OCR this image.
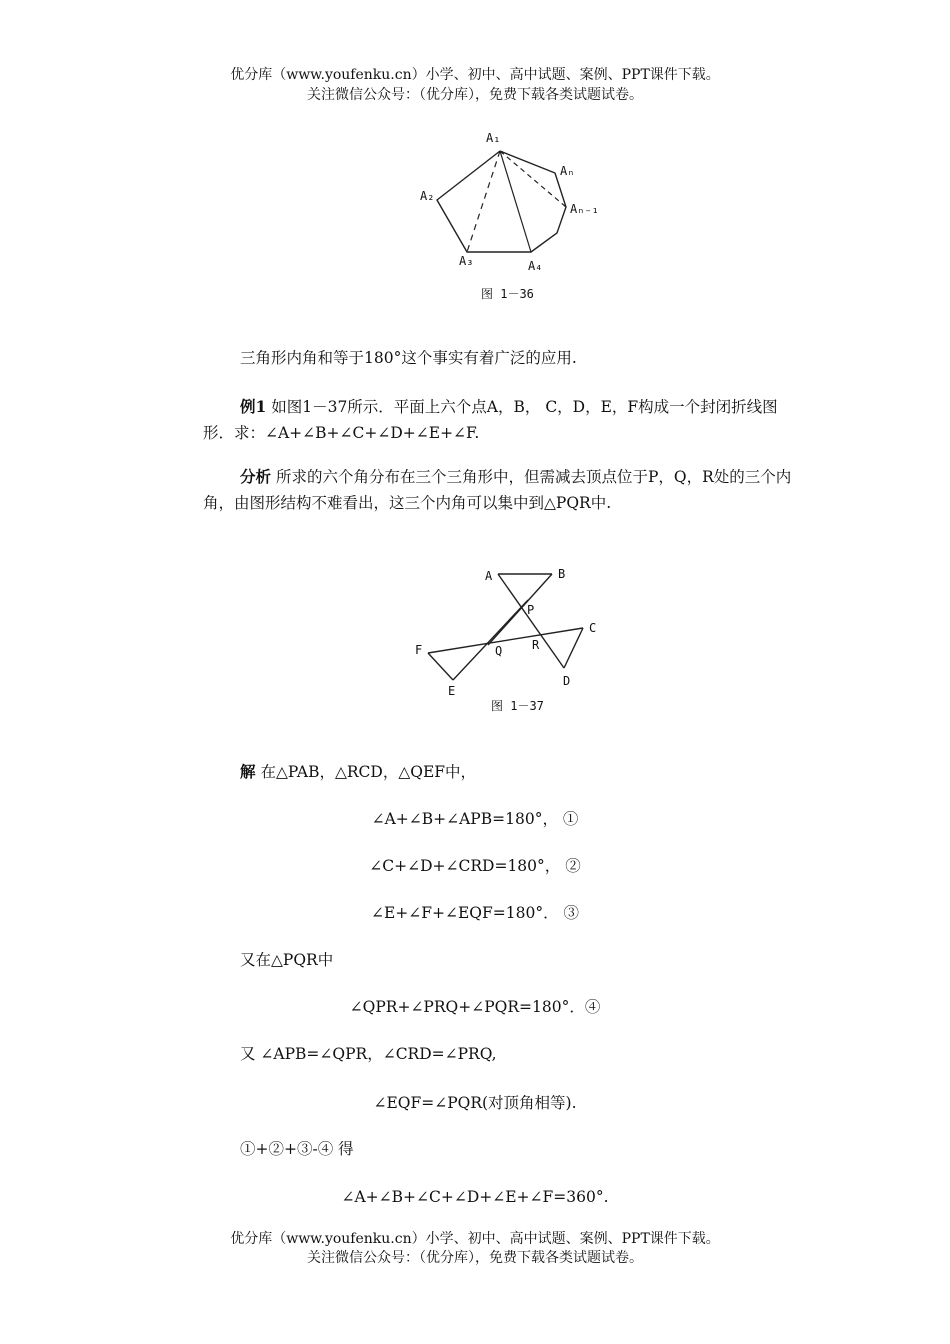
优分库（www.youfenku.cn）小学、初中、高中试题、案例、PPT课件下载。
关注微信公众号：（优分库），免费下载各类试题试卷。
A₁
Aₙ
Aₙ₋₁
A₂
A₃	A₄
图 1－36
三角形内角和等于180°这个事实有着广泛的应用.
例1 如图1－37所示．平面上六个点A，B， C，D，E，F构成一个封闭折线图形．求：∠A+∠B+∠C+∠D+∠E+∠F.
分析 所求的六个角分布在三个三角形中，但需减去顶点位于P，Q，R处的三个内角，由图形结构不难看出，这三个内角可以集中到△PQR中.
A	B
P
C
F	Q R
D
E
图 1－37
解 在△PAB，△RCD，△QEF中，
∠A+∠B+∠APB=180°， ①
∠C+∠D+∠CRD=180°， ②
∠E+∠F+∠EQF=180°． ③
又在△PQR中
∠QPR+∠PRQ+∠PQR=180°．④
又 ∠APB=∠QPR，∠CRD=∠PRQ,
∠EQF=∠PQR(对顶角相等).
①+②+③-④ 得
∠A+∠B+∠C+∠D+∠E+∠F=360°.
优分库（www.youfenku.cn）小学、初中、高中试题、案例、PPT课件下载。
关注微信公众号：（优分库），免费下载各类试题试卷。
